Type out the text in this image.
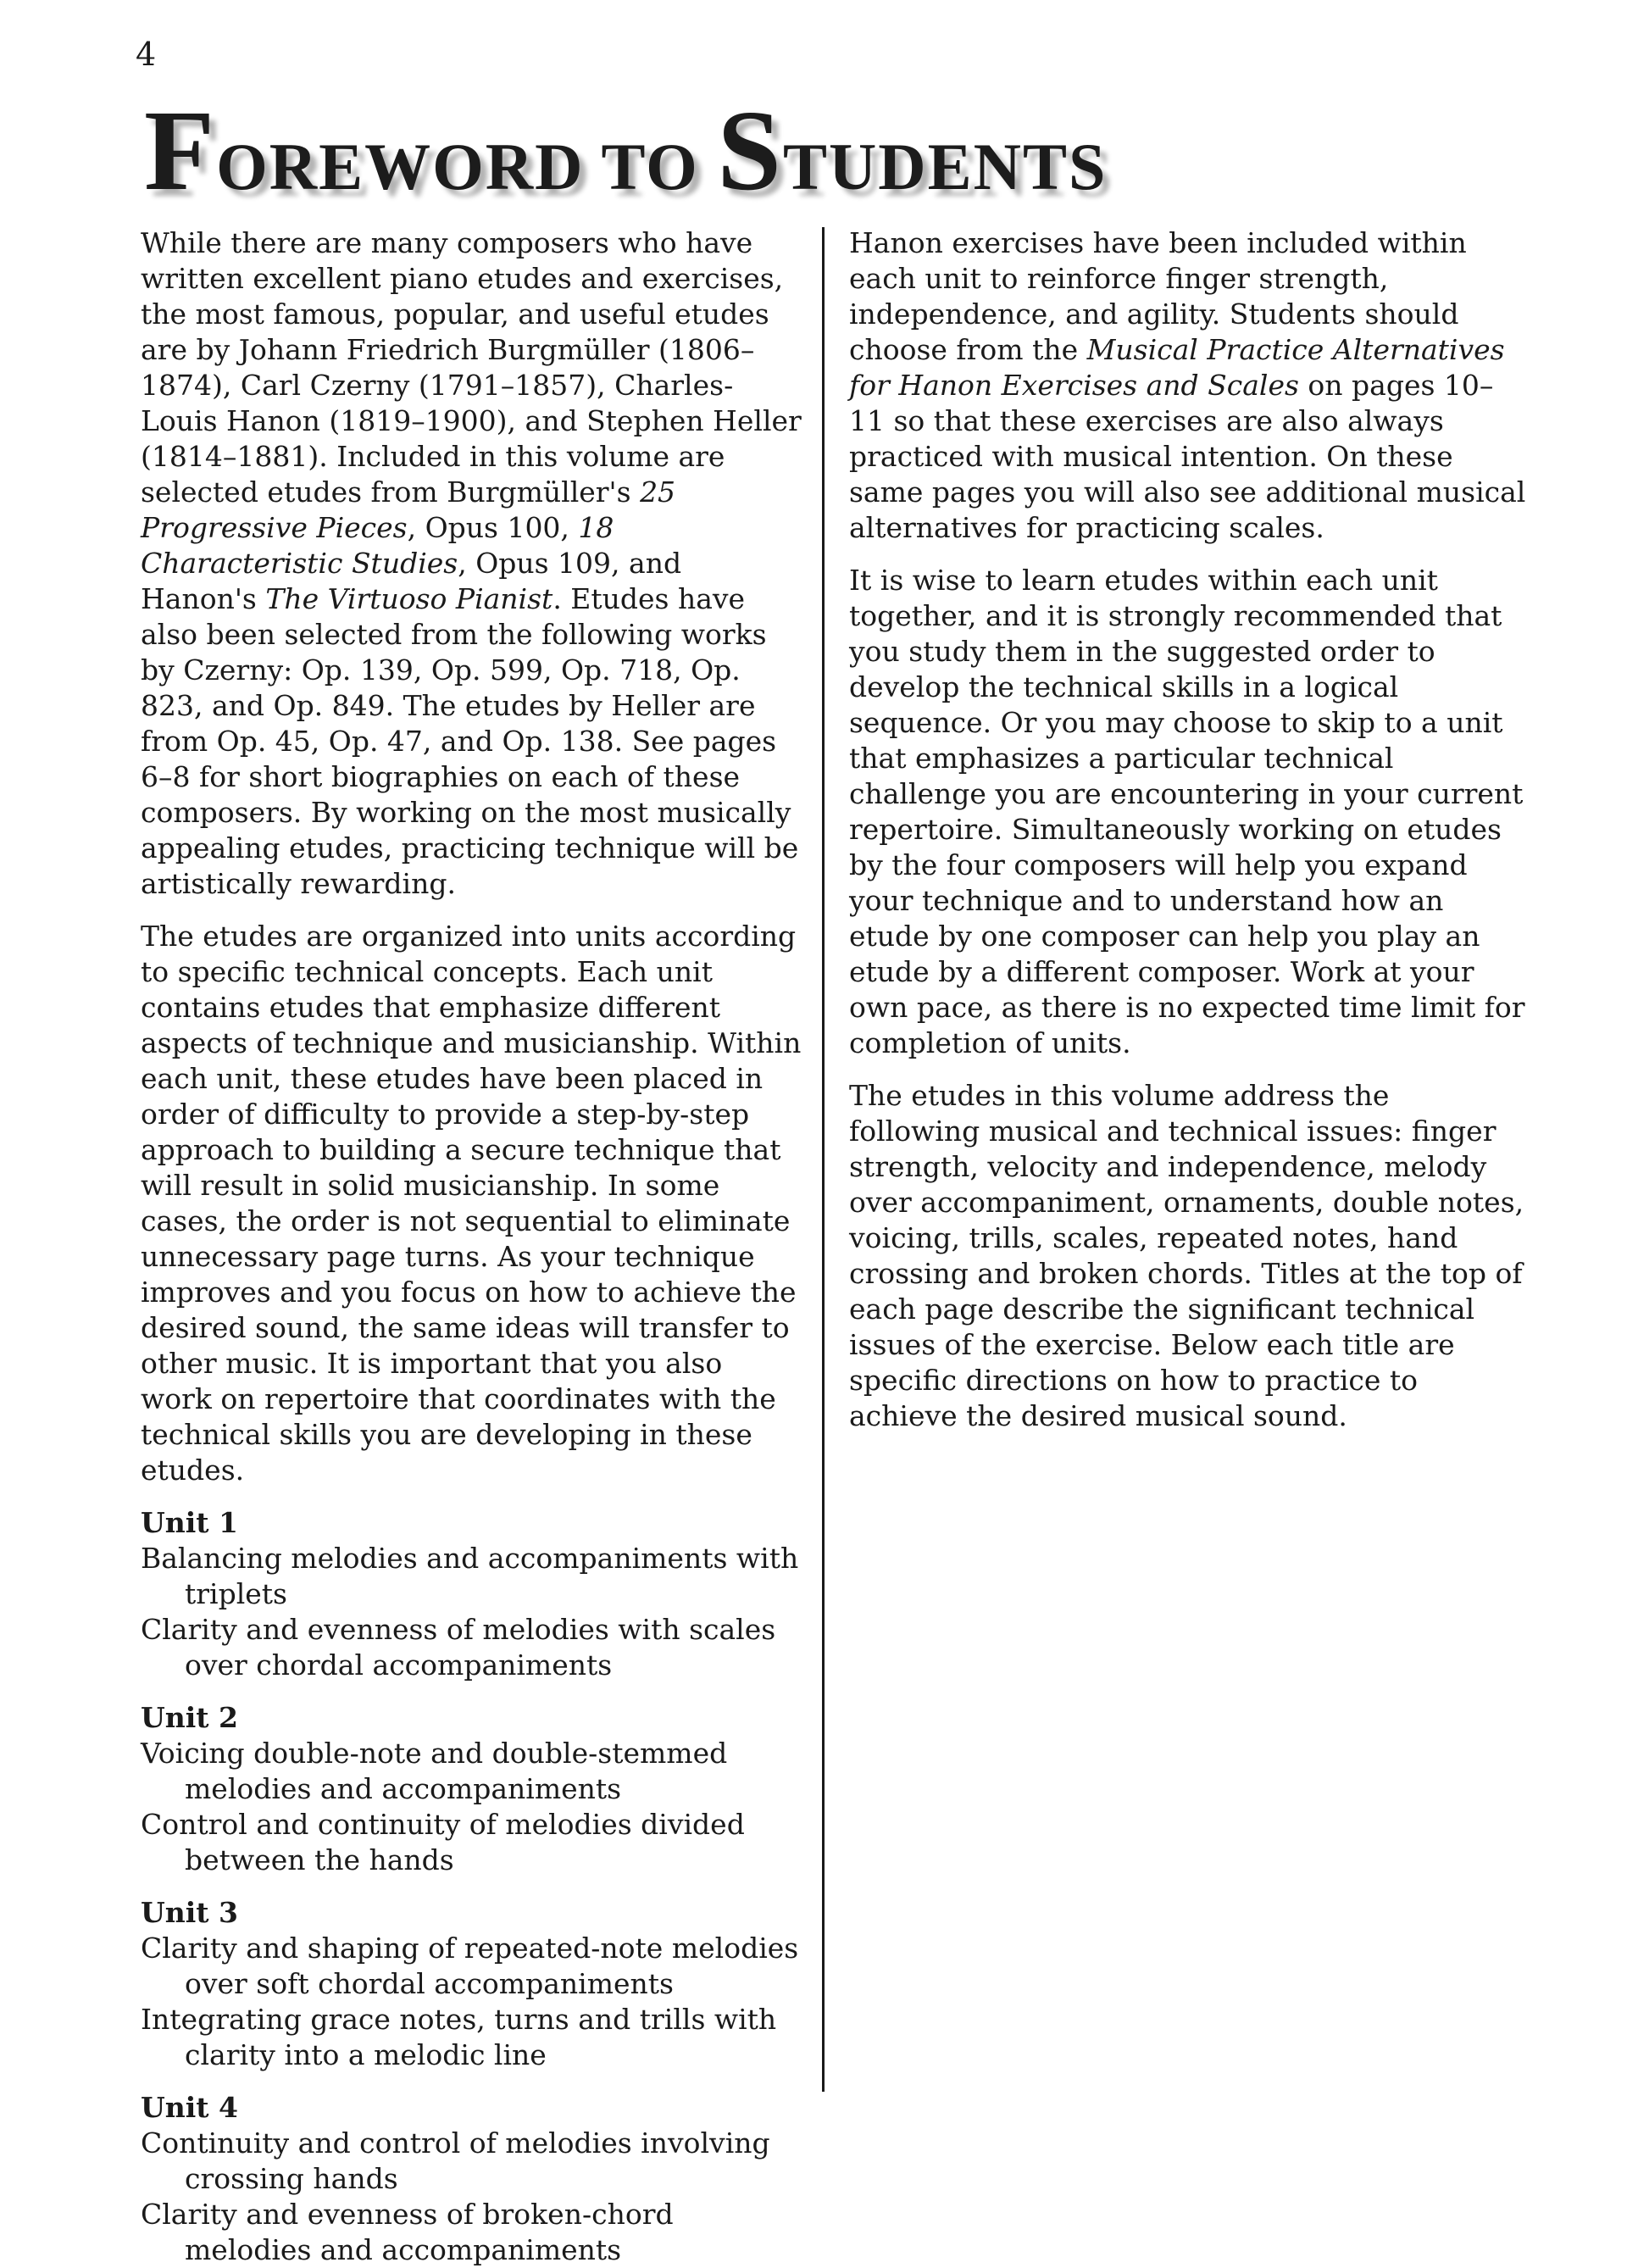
4
FOREWORD TO STUDENTS

While there are many composers who have written excellent piano etudes and exercises, the most famous, popular, and useful etudes are by Johann Friedrich Burgmüller (1806–1874), Carl Czerny (1791–1857), Charles-Louis Hanon (1819–1900), and Stephen Heller (1814–1881). Included in this volume are selected etudes from Burgmüller's 25 Progressive Pieces, Opus 100, 18 Characteristic Studies, Opus 109, and Hanon's The Virtuoso Pianist. Etudes have also been selected from the following works by Czerny: Op. 139, Op. 599, Op. 718, Op. 823, and Op. 849. The etudes by Heller are from Op. 45, Op. 47, and Op. 138. See pages 6–8 for short biographies on each of these composers. By working on the most musically appealing etudes, practicing technique will be artistically rewarding.

The etudes are organized into units according to specific technical concepts. Each unit contains etudes that emphasize different aspects of technique and musicianship. Within each unit, these etudes have been placed in order of difficulty to provide a step-by-step approach to building a secure technique that will result in solid musicianship. In some cases, the order is not sequential to eliminate unnecessary page turns. As your technique improves and you focus on how to achieve the desired sound, the same ideas will transfer to other music. It is important that you also work on repertoire that coordinates with the technical skills you are developing in these etudes.

Unit 1

Balancing melodies and accompaniments with triplets

Clarity and evenness of melodies with scales over chordal accompaniments

Unit 2

Voicing double-note and double-stemmed melodies and accompaniments

Control and continuity of melodies divided between the hands

Unit 3

Clarity and shaping of repeated-note melodies over soft chordal accompaniments

Integrating grace notes, turns and trills with clarity into a melodic line

Unit 4

Continuity and control of melodies involving crossing hands

Clarity and evenness of broken-chord melodies and accompaniments

Hanon exercises have been included within each unit to reinforce finger strength, independence, and agility. Students should choose from the Musical Practice Alternatives for Hanon Exercises and Scales on pages 10–11 so that these exercises are also always practiced with musical intention. On these same pages you will also see additional musical alternatives for practicing scales.

It is wise to learn etudes within each unit together, and it is strongly recommended that you study them in the suggested order to develop the technical skills in a logical sequence. Or you may choose to skip to a unit that emphasizes a particular technical challenge you are encountering in your current repertoire. Simultaneously working on etudes by the four composers will help you expand your technique and to understand how an etude by one composer can help you play an etude by a different composer. Work at your own pace, as there is no expected time limit for completion of units.

The etudes in this volume address the following musical and technical issues: finger strength, velocity and independence, melody over accompaniment, ornaments, double notes, voicing, trills, scales, repeated notes, hand crossing and broken chords. Titles at the top of each page describe the significant technical issues of the exercise. Below each title are specific directions on how to practice to achieve the desired musical sound.
